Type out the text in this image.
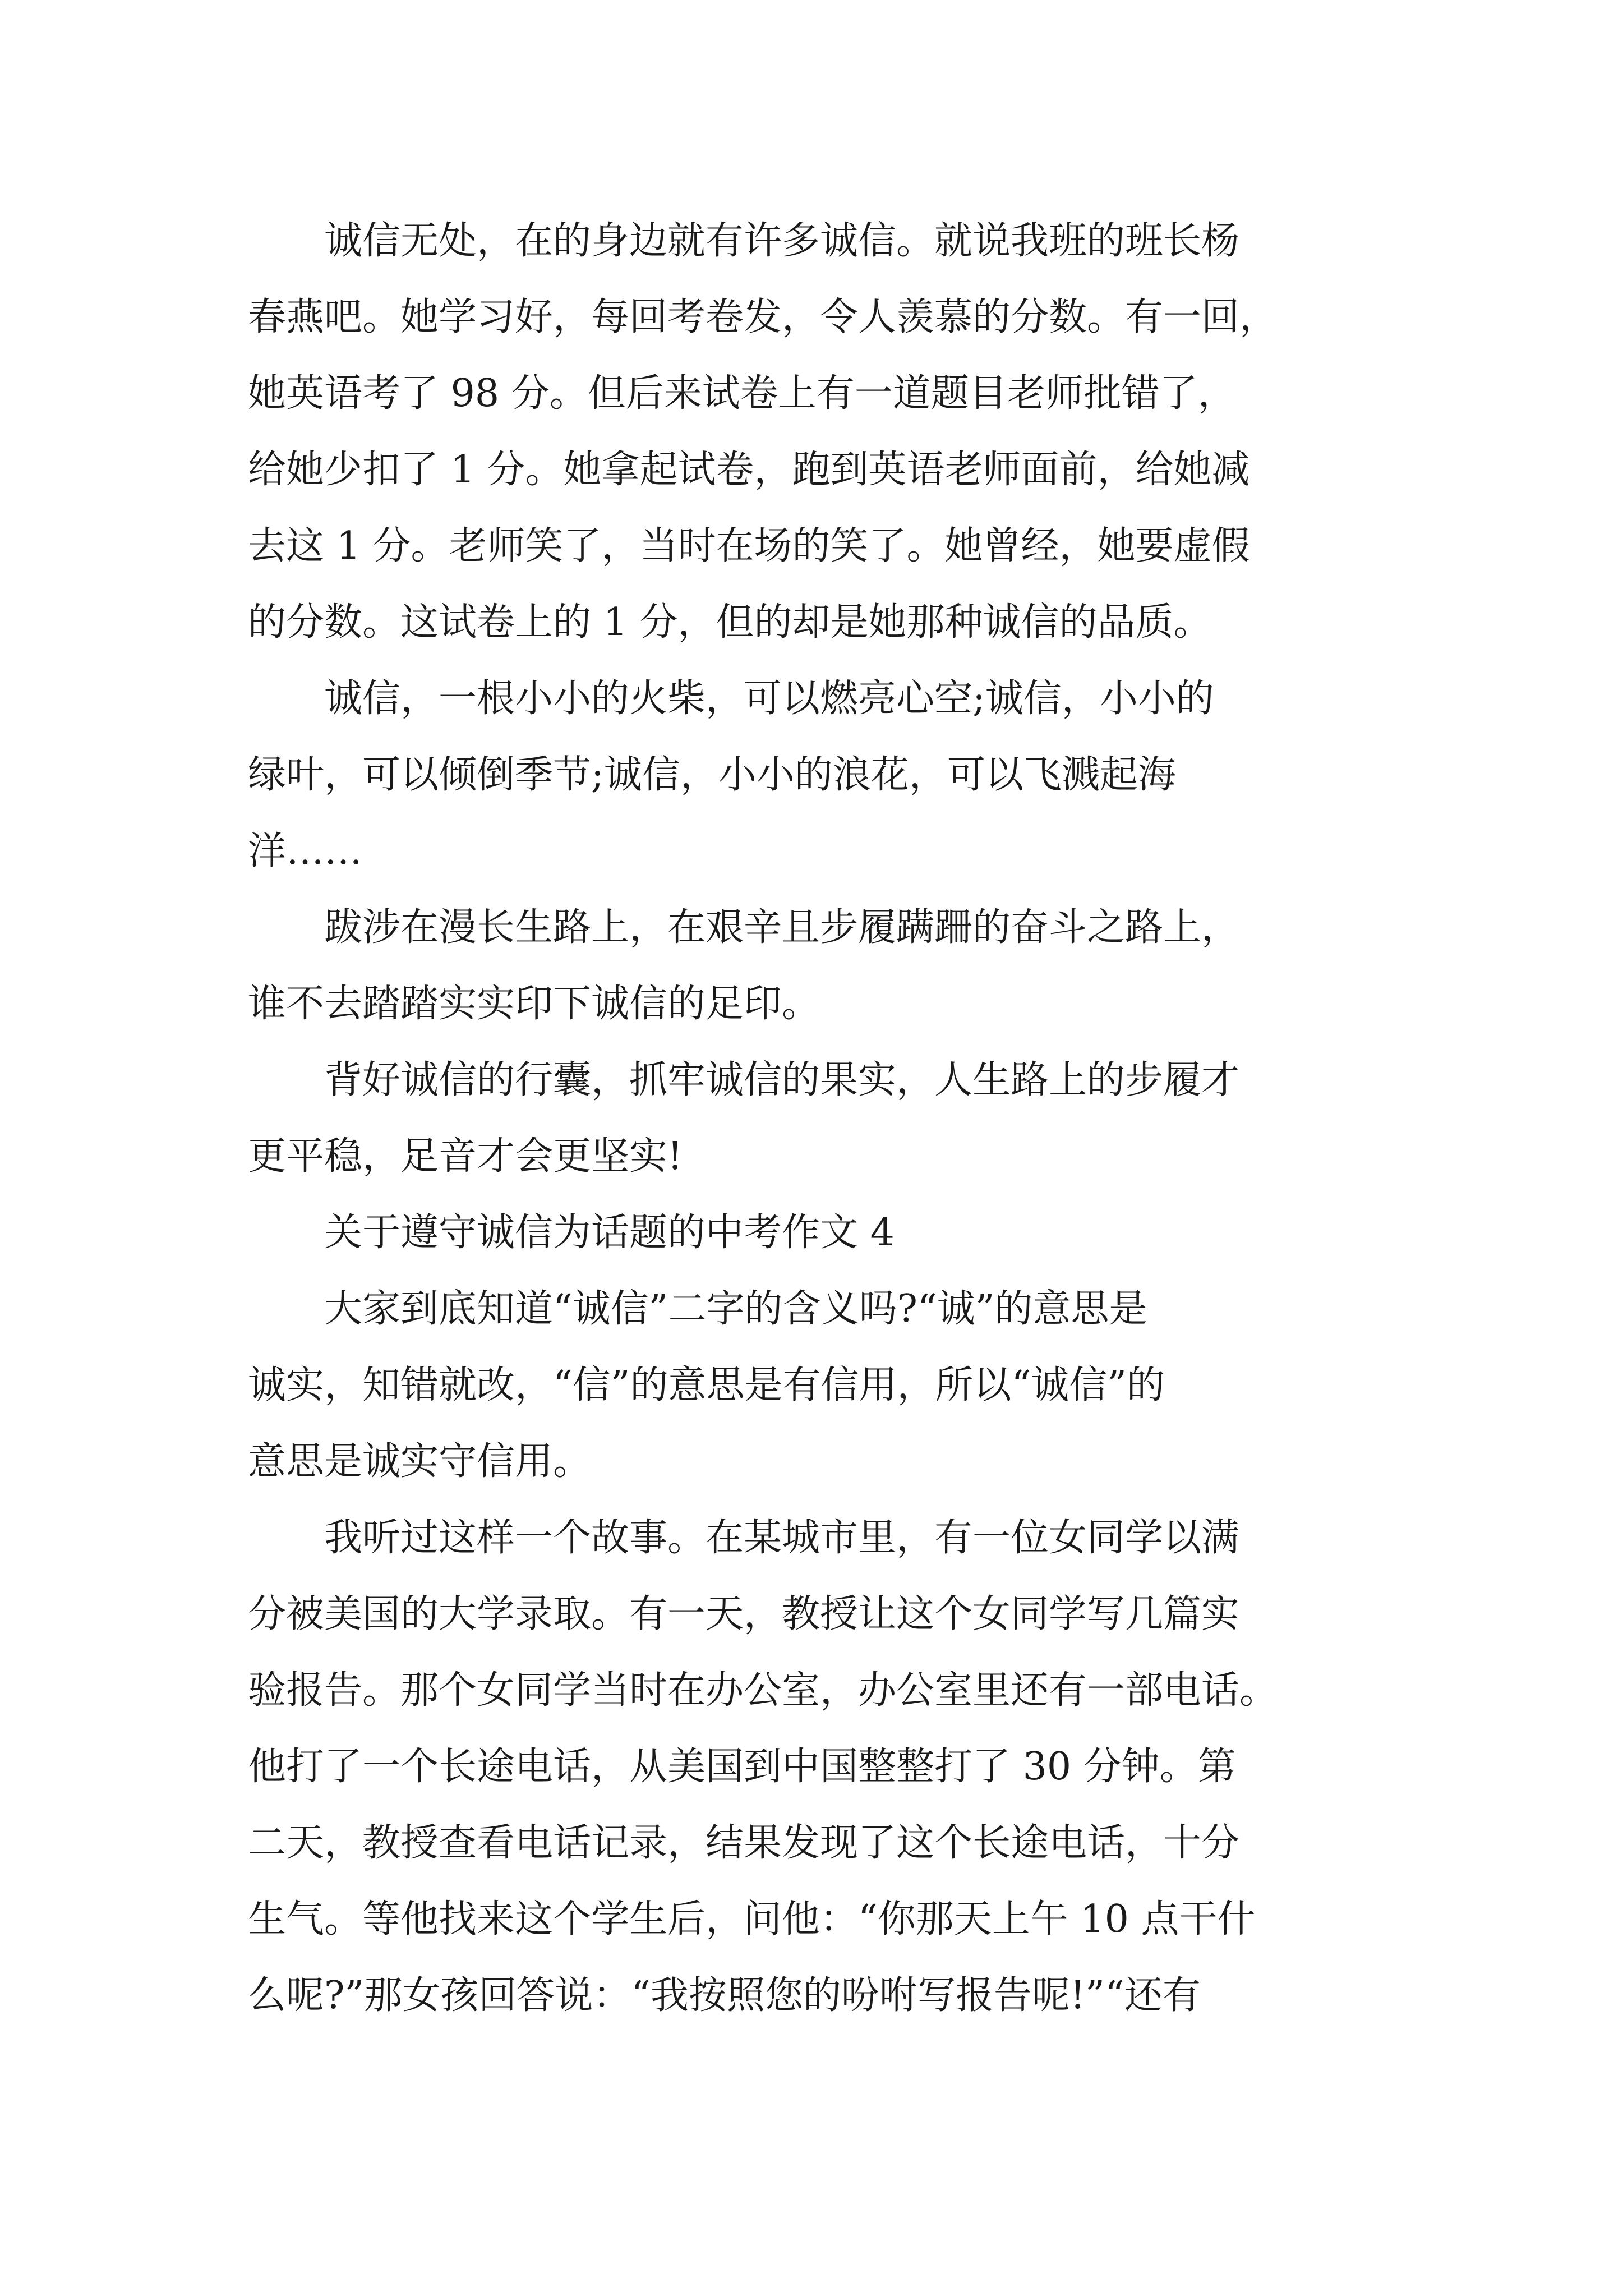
诚信无处，在的身边就有许多诚信。就说我班的班长杨
春燕吧。她学习好，每回考卷发，令人羡慕的分数。有一回，
她英语考了 98 分。但后来试卷上有一道题目老师批错了，
给她少扣了 1 分。她拿起试卷，跑到英语老师面前，给她减
去这 1 分。老师笑了，当时在场的笑了。她曾经，她要虚假
的分数。这试卷上的 1 分，但的却是她那种诚信的品质。
诚信，一根小小的火柴，可以燃亮心空;诚信，小小的
绿叶，可以倾倒季节;诚信，小小的浪花，可以飞溅起海
洋……
跋涉在漫长生路上，在艰辛且步履蹒跚的奋斗之路上，
谁不去踏踏实实印下诚信的足印。
背好诚信的行囊，抓牢诚信的果实，人生路上的步履才
更平稳，足音才会更坚实!
关于遵守诚信为话题的中考作文 4
大家到底知道“诚信”二字的含义吗?“诚”的意思是
诚实，知错就改，“信”的意思是有信用，所以“诚信”的
意思是诚实守信用。
我听过这样一个故事。在某城市里，有一位女同学以满
分被美国的大学录取。有一天，教授让这个女同学写几篇实
验报告。那个女同学当时在办公室，办公室里还有一部电话。
他打了一个长途电话，从美国到中国整整打了 30 分钟。第
二天，教授查看电话记录，结果发现了这个长途电话，十分
生气。等他找来这个学生后，问他：“你那天上午 10 点干什
么呢?”那女孩回答说：“我按照您的吩咐写报告呢!”“还有
